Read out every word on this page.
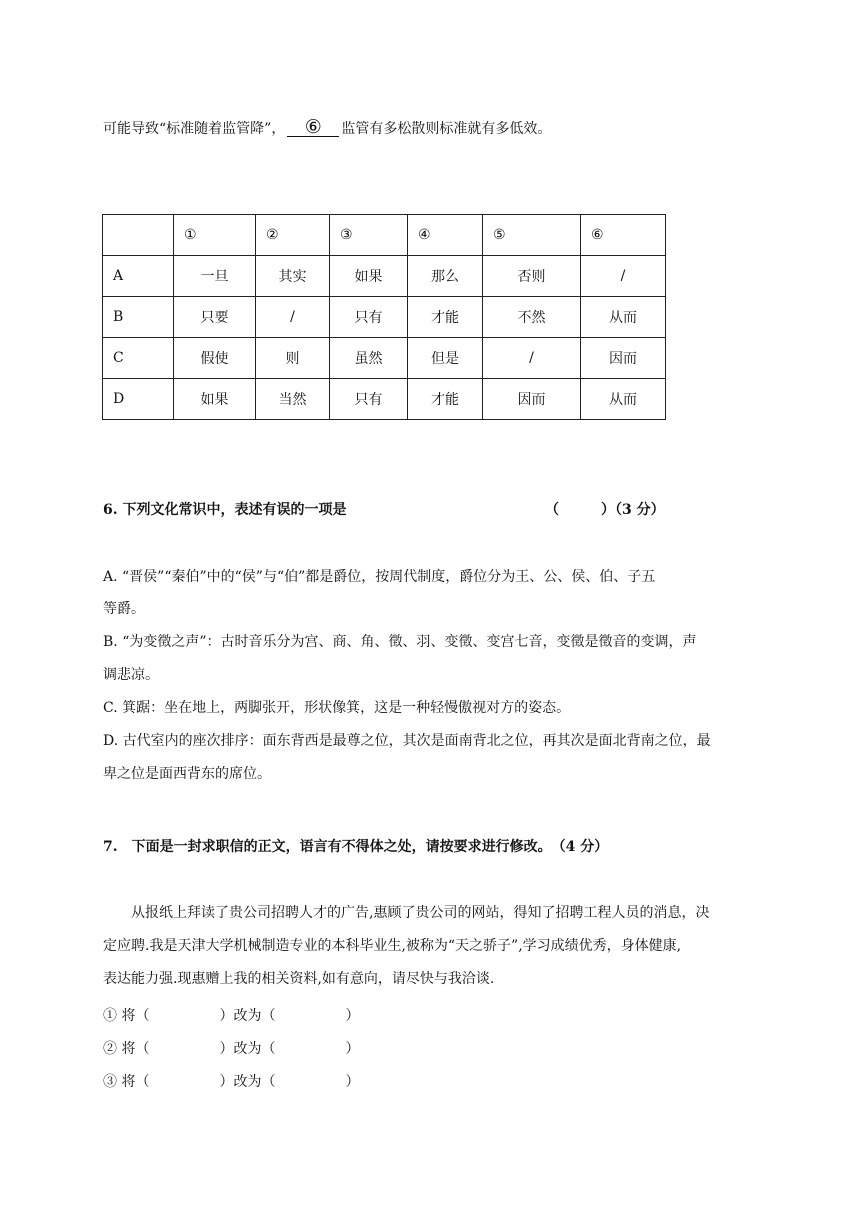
可能导致“标准随着监管降”， ⑥ 监管有多松散则标准就有多低效。
	①	②	③	④	⑤	⑥
A	一旦	其实	如果	那么	否则	/
B	只要	/	只有	才能	不然	从而
C	假使	则	虽然	但是	/	因而
D	如果	当然	只有	才能	因而	从而
6. 下列文化常识中，表述有误的一项是	（　　　）（3 分）
A. “晋侯”“秦伯”中的“侯”与“伯”都是爵位，按周代制度，爵位分为王、公、侯、伯、子五
等爵。
B. “为变徵之声”：古时音乐分为宫、商、角、徵、羽、变徵、变宫七音，变徵是徵音的变调，声
调悲凉。
C. 箕踞：坐在地上，两脚张开，形状像箕，这是一种轻慢傲视对方的姿态。
D. 古代室内的座次排序：面东背西是最尊之位，其次是面南背北之位，再其次是面北背南之位，最
卑之位是面西背东的席位。
7.　下面是一封求职信的正文，语言有不得体之处，请按要求进行修改。　（4 分）
从报纸上拜读了贵公司招聘人才的广告,惠顾了贵公司的网站，得知了招聘工程人员的消息，决
定应聘.我是天津大学机械制造专业的本科毕业生,被称为“天之骄子”,学习成绩优秀，身体健康,
表达能力强.现惠赠上我的相关资料,如有意向，请尽快与我洽谈.
① 将（　　　　　）改为（　　　　　）
② 将（　　　　　）改为（　　　　　）
③ 将（　　　　　）改为（　　　　　）
